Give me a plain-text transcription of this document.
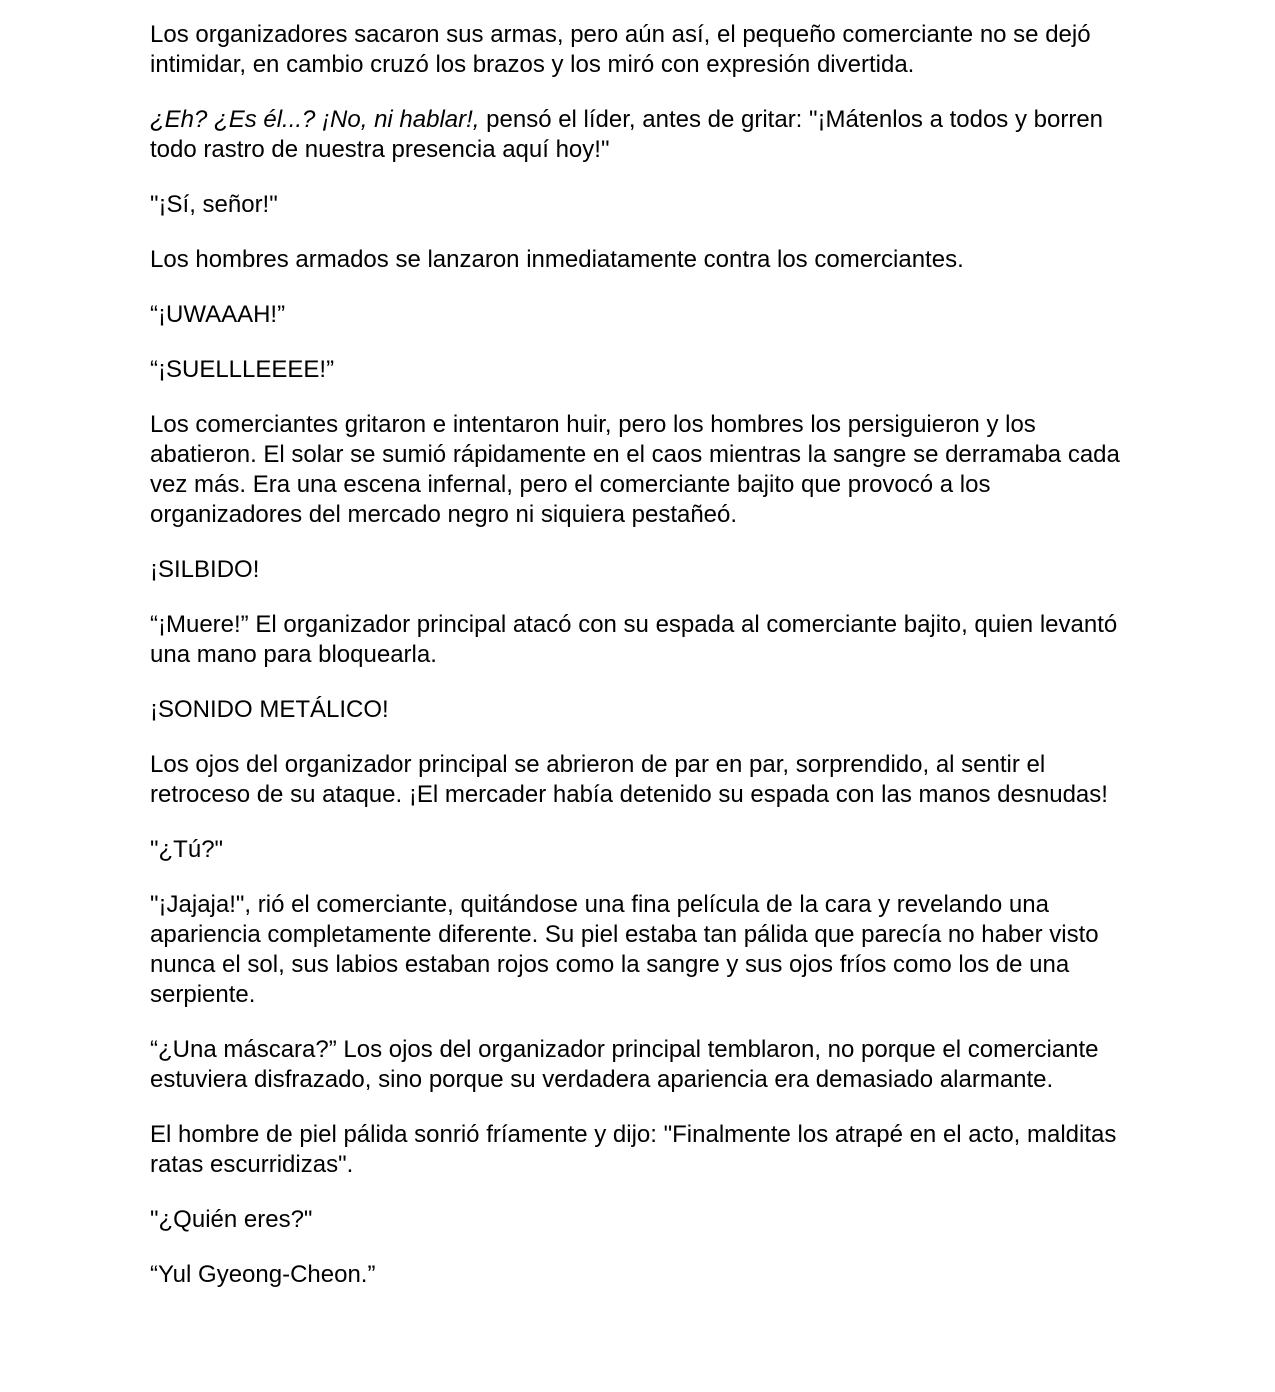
Los organizadores sacaron sus armas, pero aún así, el pequeño comerciante no se dejó intimidar, en cambio cruzó los brazos y los miró con expresión divertida.

¿Eh? ¿Es él...? ¡No, ni hablar!, pensó el líder, antes de gritar: "¡Mátenlos a todos y borren todo rastro de nuestra presencia aquí hoy!"

"¡Sí, señor!"

Los hombres armados se lanzaron inmediatamente contra los comerciantes.

“¡UWAAAH!”

“¡SUELLLEEEE!”

Los comerciantes gritaron e intentaron huir, pero los hombres los persiguieron y los abatieron. El solar se sumió rápidamente en el caos mientras la sangre se derramaba cada vez más. Era una escena infernal, pero el comerciante bajito que provocó a los organizadores del mercado negro ni siquiera pestañeó.

¡SILBIDO!

“¡Muere!” El organizador principal atacó con su espada al comerciante bajito, quien levantó una mano para bloquearla.

¡SONIDO METÁLICO!

Los ojos del organizador principal se abrieron de par en par, sorprendido, al sentir el retroceso de su ataque. ¡El mercader había detenido su espada con las manos desnudas!

"¿Tú?"

"¡Jajaja!", rió el comerciante, quitándose una fina película de la cara y revelando una apariencia completamente diferente. Su piel estaba tan pálida que parecía no haber visto nunca el sol, sus labios estaban rojos como la sangre y sus ojos fríos como los de una serpiente.

“¿Una máscara?” Los ojos del organizador principal temblaron, no porque el comerciante estuviera disfrazado, sino porque su verdadera apariencia era demasiado alarmante.

El hombre de piel pálida sonrió fríamente y dijo: "Finalmente los atrapé en el acto, malditas ratas escurridizas".

"¿Quién eres?"

“Yul Gyeong-Cheon.”
